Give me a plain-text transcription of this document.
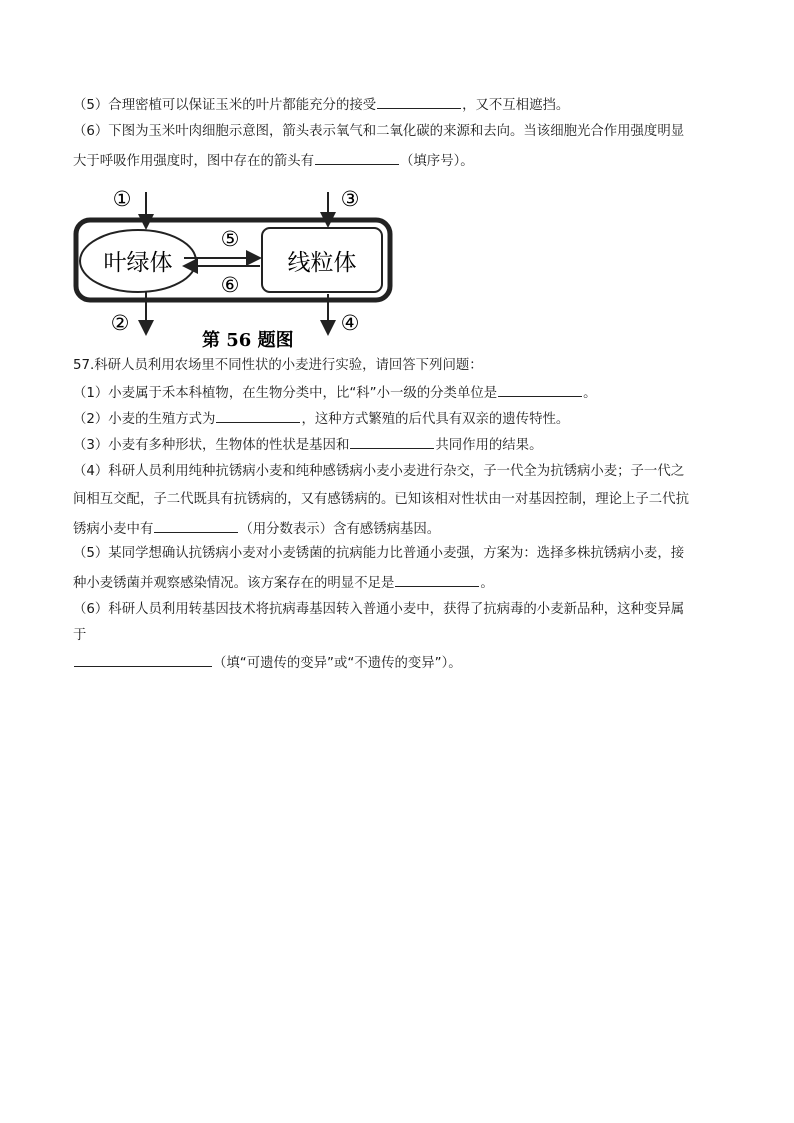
（5）合理密植可以保证玉米的叶片都能充分的接受	，又不互相遮挡。
（6）下图为玉米叶肉细胞示意图，箭头表示氧气和二氧化碳的来源和去向。当该细胞光合作用强度明显
大于呼吸作用强度时，图中存在的箭头有	（填序号）。
叶绿体	线粒体
①
②
③
④
⑤
⑥
第 56 题图
57.科研人员利用农场里不同性状的小麦进行实验，请回答下列问题：
（1）小麦属于禾本科植物，在生物分类中，比“科”小一级的分类单位是	。
（2）小麦的生殖方式为	，这种方式繁殖的后代具有双亲的遗传特性。
（3）小麦有多种形状，生物体的性状是基因和	共同作用的结果。
（4）科研人员利用纯种抗锈病小麦和纯种感锈病小麦小麦进行杂交，子一代全为抗锈病小麦；子一代之
间相互交配，子二代既具有抗锈病的，又有感锈病的。已知该相对性状由一对基因控制，理论上子二代抗
锈病小麦中有	（用分数表示）含有感锈病基因。
（5）某同学想确认抗锈病小麦对小麦锈菌的抗病能力比普通小麦强，方案为：选择多株抗锈病小麦，接
种小麦锈菌并观察感染情况。该方案存在的明显不足是	。
（6）科研人员利用转基因技术将抗病毒基因转入普通小麦中，获得了抗病毒的小麦新品种，这种变异属
于
（填“可遗传的变异”或“不遗传的变异”）。
